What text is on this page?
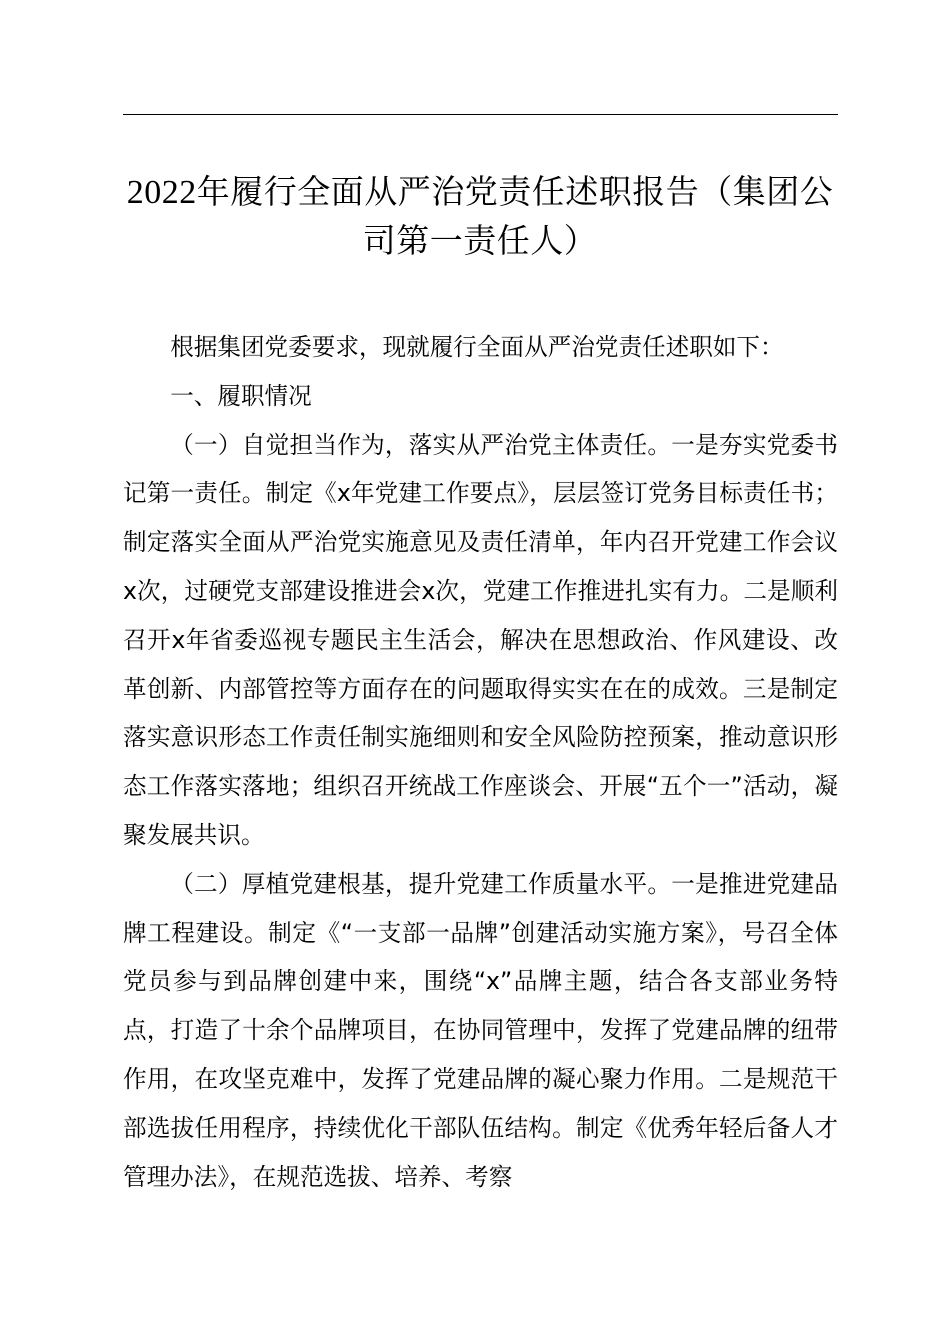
2022年履行全面从严治党责任述职报告（集团公司第一责任人）

根据集团党委要求，现就履行全面从严治党责任述职如下：

一、履职情况

（一）自觉担当作为，落实从严治党主体责任。一是夯实党委书记第一责任。制定《x年党建工作要点》，层层签订党务目标责任书；制定落实全面从严治党实施意见及责任清单，年内召开党建工作会议x次，过硬党支部建设推进会x次，党建工作推进扎实有力。二是顺利召开x年省委巡视专题民主生活会，解决在思想政治、作风建设、改革创新、内部管控等方面存在的问题取得实实在在的成效。三是制定落实意识形态工作责任制实施细则和安全风险防控预案，推动意识形态工作落实落地；组织召开统战工作座谈会、开展“五个一”活动，凝聚发展共识。

（二）厚植党建根基，提升党建工作质量水平。一是推进党建品牌工程建设。制定《“一支部一品牌”创建活动实施方案》，号召全体党员参与到品牌创建中来，围绕“x”品牌主题，结合各支部业务特点，打造了十余个品牌项目，在协同管理中，发挥了党建品牌的纽带作用，在攻坚克难中，发挥了党建品牌的凝心聚力作用。二是规范干部选拔任用程序，持续优化干部队伍结构。制定《优秀年轻后备人才管理办法》，在规范选拔、培养、考察
